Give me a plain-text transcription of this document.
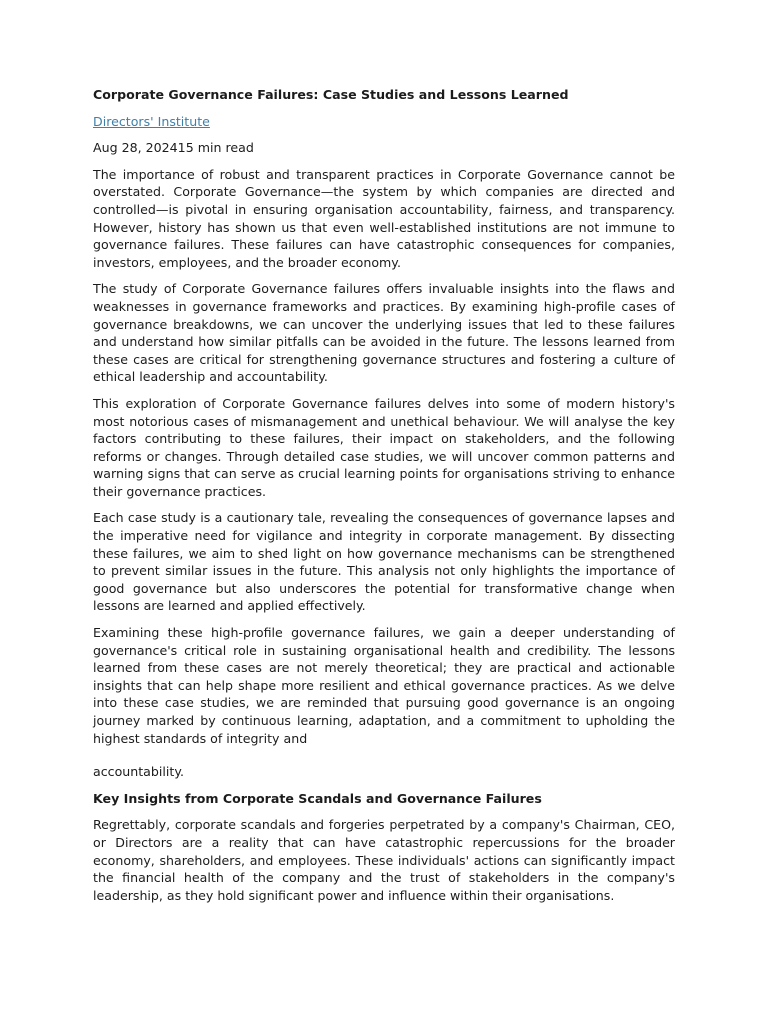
Corporate Governance Failures: Case Studies and Lessons Learned
Directors' Institute
Aug 28, 202415 min read

The importance of robust and transparent practices in Corporate Governance cannot be overstated. Corporate Governance—the system by which companies are directed and controlled—is pivotal in ensuring organisation accountability, fairness, and transparency. However, history has shown us that even well-established institutions are not immune to governance failures. These failures can have catastrophic consequences for companies, investors, employees, and the broader economy.

The study of Corporate Governance failures offers invaluable insights into the flaws and weaknesses in governance frameworks and practices. By examining high-profile cases of governance breakdowns, we can uncover the underlying issues that led to these failures and understand how similar pitfalls can be avoided in the future. The lessons learned from these cases are critical for strengthening governance structures and fostering a culture of ethical leadership and accountability.

This exploration of Corporate Governance failures delves into some of modern history's most notorious cases of mismanagement and unethical behaviour. We will analyse the key factors contributing to these failures, their impact on stakeholders, and the following reforms or changes. Through detailed case studies, we will uncover common patterns and warning signs that can serve as crucial learning points for organisations striving to enhance their governance practices.

Each case study is a cautionary tale, revealing the consequences of governance lapses and the imperative need for vigilance and integrity in corporate management. By dissecting these failures, we aim to shed light on how governance mechanisms can be strengthened to prevent similar issues in the future. This analysis not only highlights the importance of good governance but also underscores the potential for transformative change when lessons are learned and applied effectively.

Examining these high-profile governance failures, we gain a deeper understanding of governance's critical role in sustaining organisational health and credibility. The lessons learned from these cases are not merely theoretical; they are practical and actionable insights that can help shape more resilient and ethical governance practices. As we delve into these case studies, we are reminded that pursuing good governance is an ongoing journey marked by continuous learning, adaptation, and a commitment to upholding the highest standards of integrity and

accountability.

Key Insights from Corporate Scandals and Governance Failures

Regrettably, corporate scandals and forgeries perpetrated by a company's Chairman, CEO, or Directors are a reality that can have catastrophic repercussions for the broader economy, shareholders, and employees. These individuals' actions can significantly impact the financial health of the company and the trust of stakeholders in the company's leadership, as they hold significant power and influence within their organisations.
